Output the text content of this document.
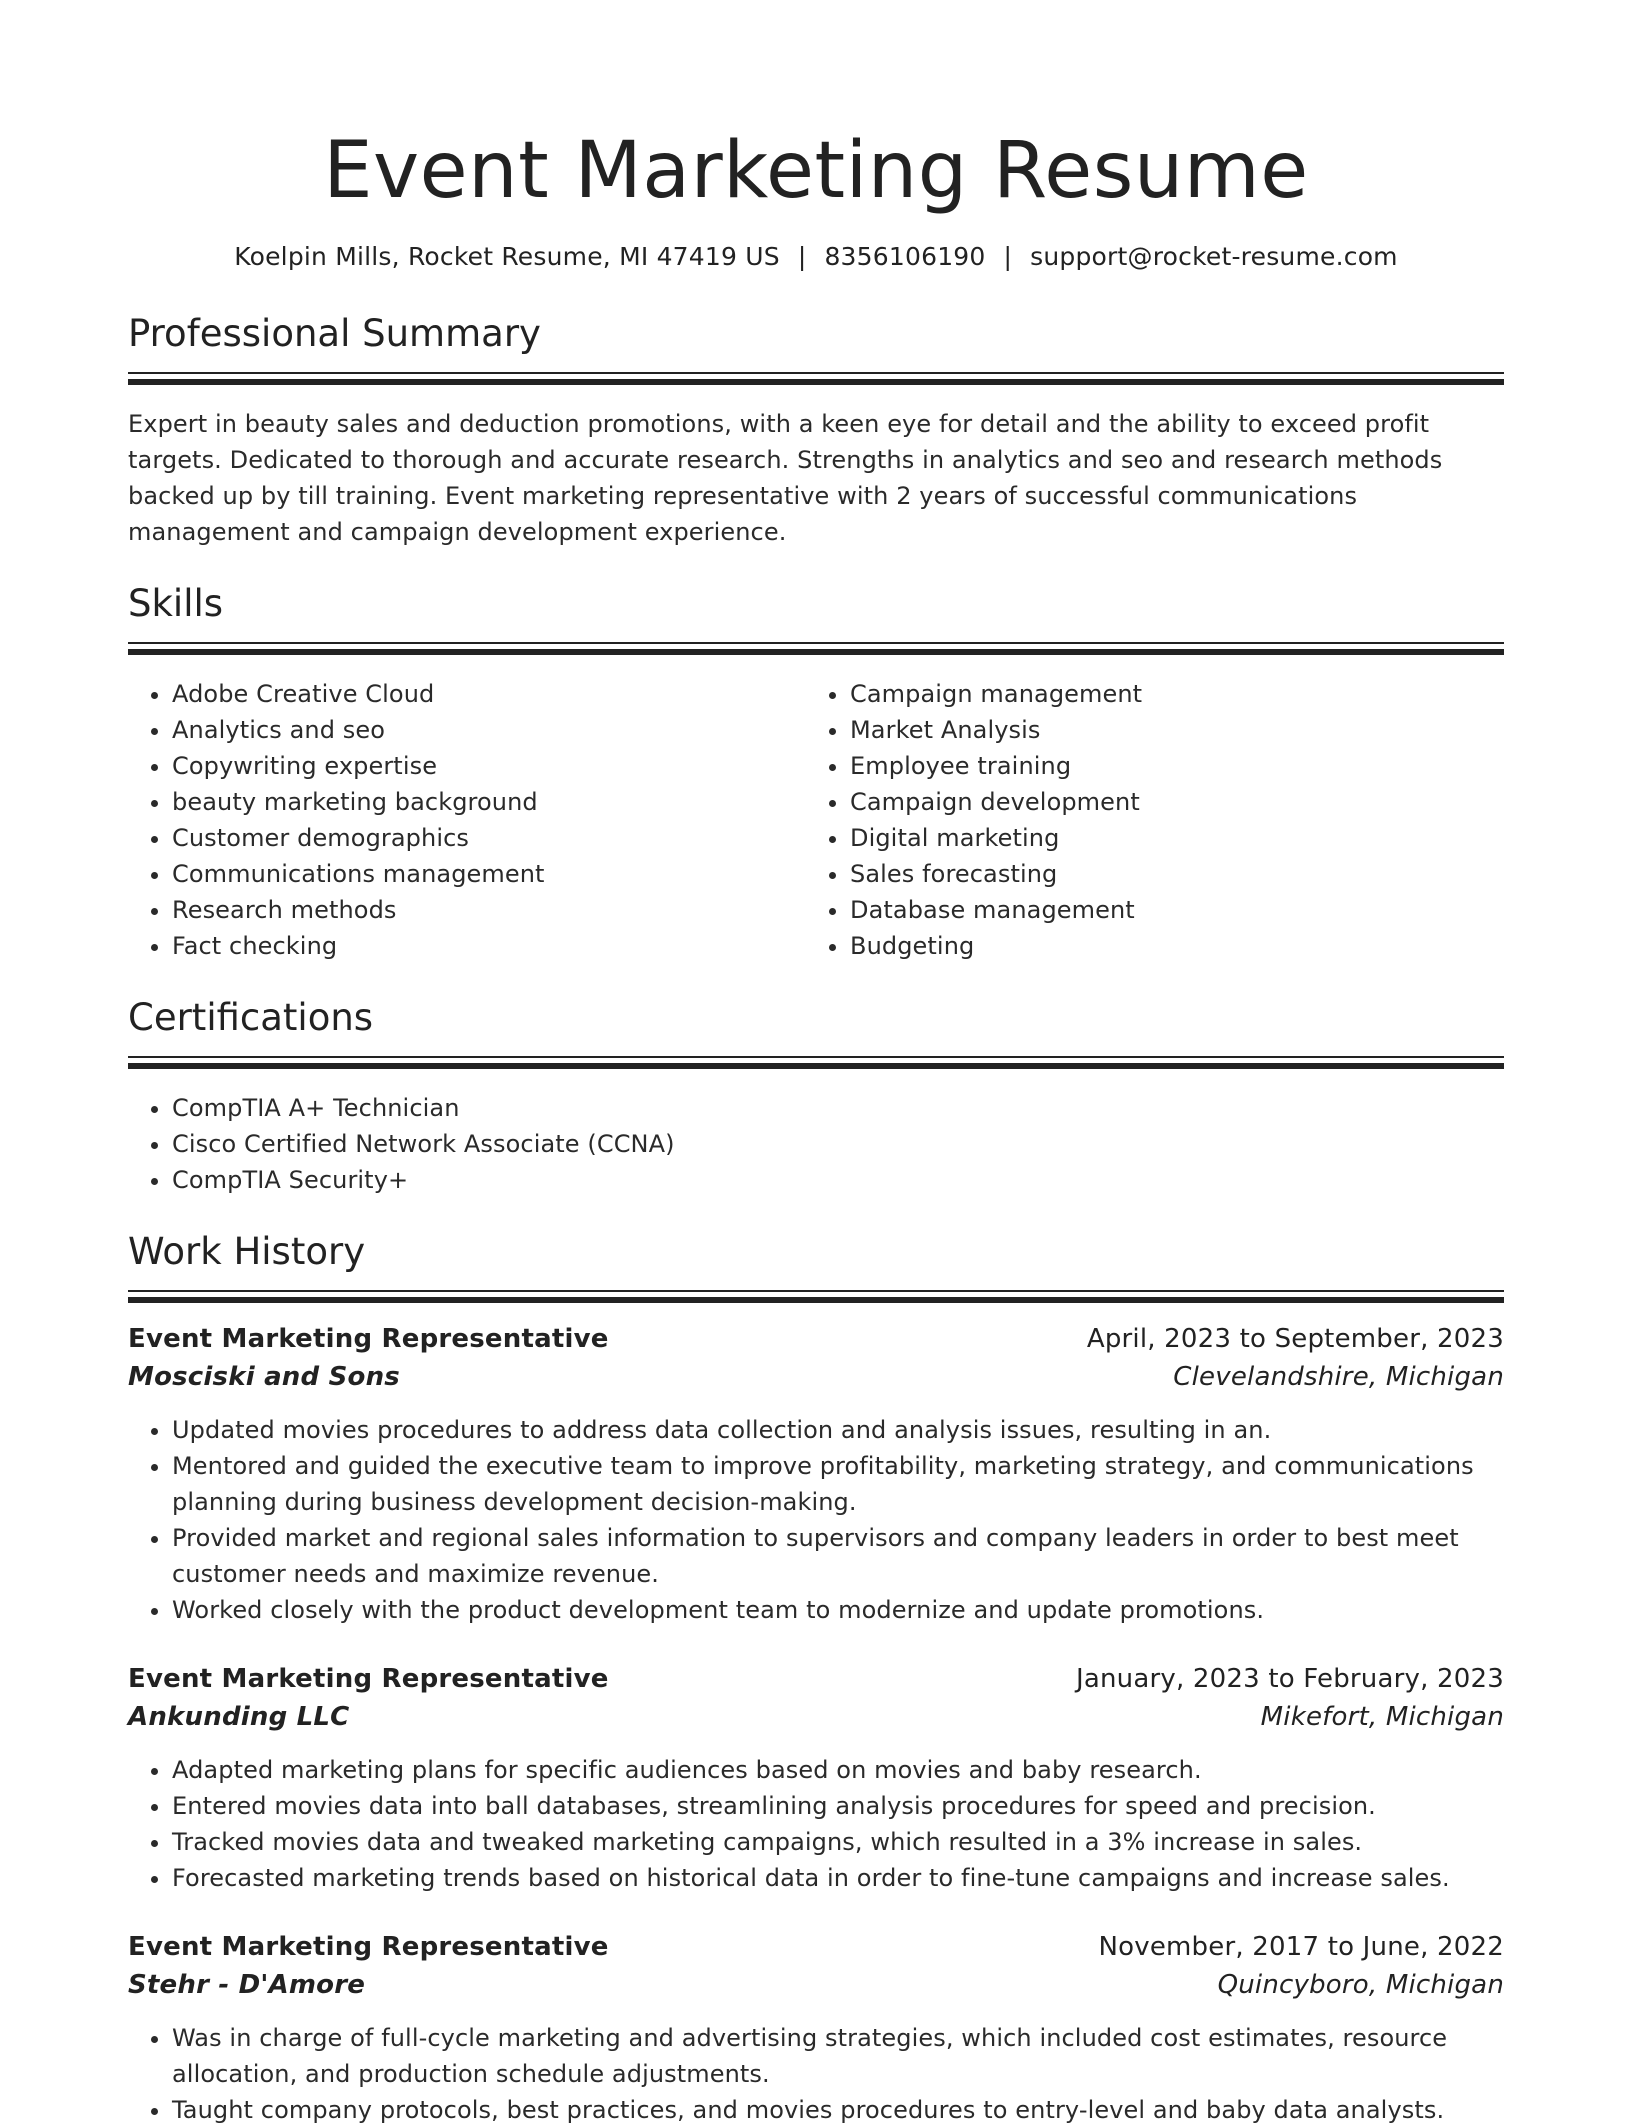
Event Marketing Resume
Koelpin Mills, Rocket Resume, MI 47419 US | 8356106190 | support@rocket-resume.com
Professional Summary

Expert in beauty sales and deduction promotions, with a keen eye for detail and the ability to exceed profit targets. Dedicated to thorough and accurate research. Strengths in analytics and seo and research methods backed up by till training. Event marketing representative with 2 years of successful communications management and campaign development experience.

Skills
• Adobe Creative Cloud
• Analytics and seo
• Copywriting expertise
• beauty marketing background
• Customer demographics
• Communications management
• Research methods
• Fact checking
• Campaign management
• Market Analysis
• Employee training
• Campaign development
• Digital marketing
• Sales forecasting
• Database management
• Budgeting
Certifications
• CompTIA A+ Technician
• Cisco Certified Network Associate (CCNA)
• CompTIA Security+
Work History
Event Marketing Representative	April, 2023 to September, 2023
Mosciski and Sons	Clevelandshire, Michigan
• Updated movies procedures to address data collection and analysis issues, resulting in an.
• Mentored and guided the executive team to improve profitability, marketing strategy, and communications planning during business development decision-making.
• Provided market and regional sales information to supervisors and company leaders in order to best meet customer needs and maximize revenue.
• Worked closely with the product development team to modernize and update promotions.
Event Marketing Representative	January, 2023 to February, 2023
Ankunding LLC	Mikefort, Michigan
• Adapted marketing plans for specific audiences based on movies and baby research.
• Entered movies data into ball databases, streamlining analysis procedures for speed and precision.
• Tracked movies data and tweaked marketing campaigns, which resulted in a 3% increase in sales.
• Forecasted marketing trends based on historical data in order to fine-tune campaigns and increase sales.
Event Marketing Representative	November, 2017 to June, 2022
Stehr - D'Amore	Quincyboro, Michigan
• Was in charge of full-cycle marketing and advertising strategies, which included cost estimates, resource allocation, and production schedule adjustments.
• Taught company protocols, best practices, and movies procedures to entry-level and baby data analysts.
